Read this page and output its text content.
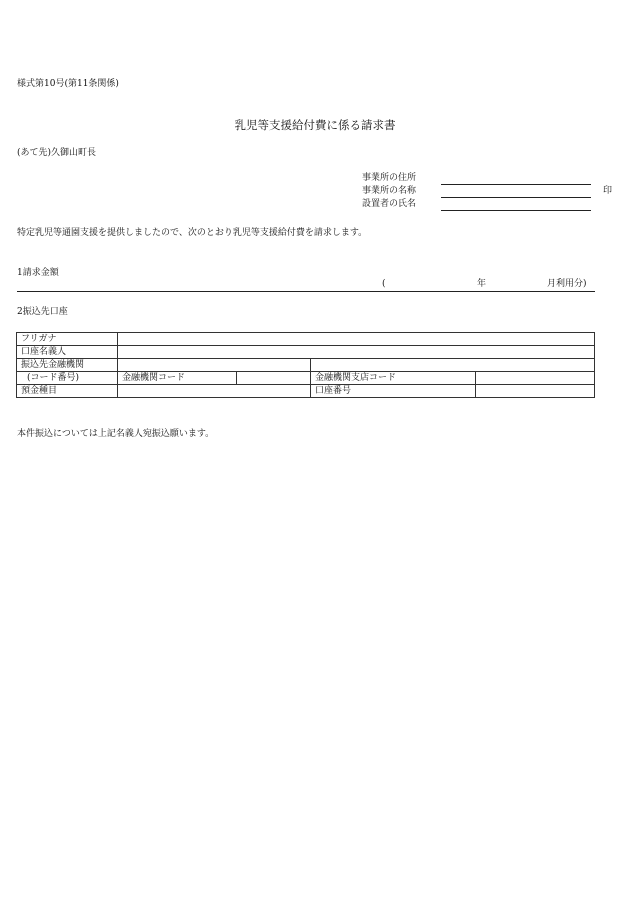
様式第10号(第11条関係)
乳児等支援給付費に係る請求書
(あて先)久御山町長
事業所の住所
事業所の名称	印
設置者の氏名
特定乳児等通園支援を提供しましたので、次のとおり乳児等支援給付費を請求します。
1請求金額
(	年	月利用分)
2振込先口座
フリガナ				
口座名義人				
振込先金融機関				
(コード番号)	金融機関コード		金融機関支店コード	
預金種目			口座番号	
本件振込については上記名義人宛振込願います。
